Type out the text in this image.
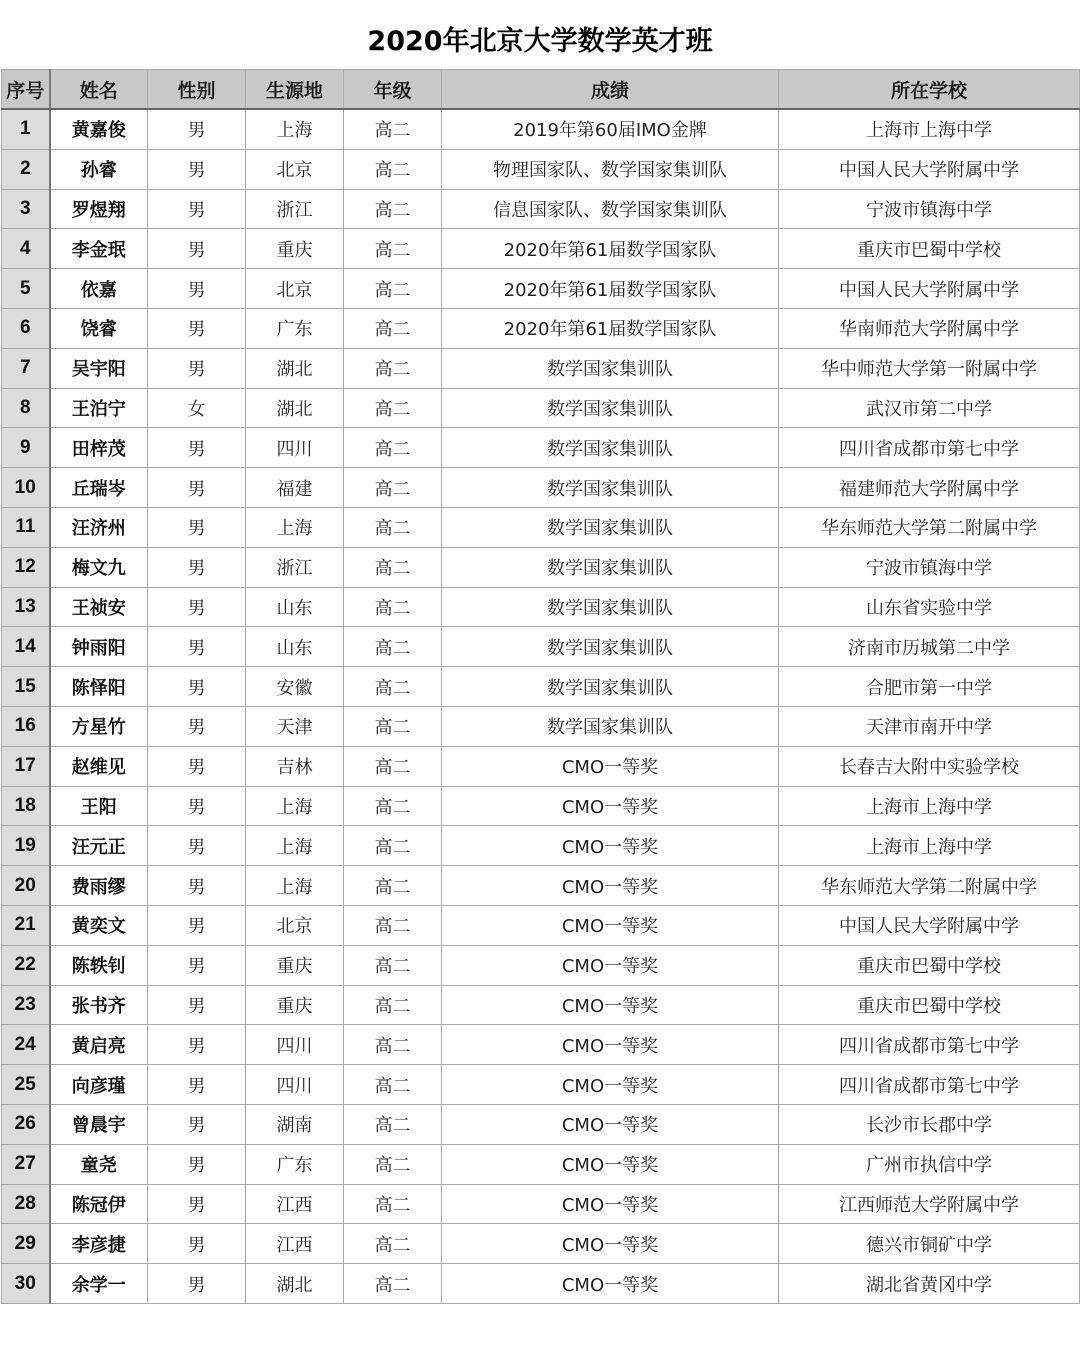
2020年北京大学数学英才班
序号	姓名	性别	生源地	年级	成绩	所在学校
1	黄嘉俊	男	上海	高二	2019年第60届IMO金牌	上海市上海中学
2	孙睿	男	北京	高二	物理国家队、数学国家集训队	中国人民大学附属中学
3	罗煜翔	男	浙江	高二	信息国家队、数学国家集训队	宁波市镇海中学
4	李金珉	男	重庆	高二	2020年第61届数学国家队	重庆市巴蜀中学校
5	依嘉	男	北京	高二	2020年第61届数学国家队	中国人民大学附属中学
6	饶睿	男	广东	高二	2020年第61届数学国家队	华南师范大学附属中学
7	吴宇阳	男	湖北	高二	数学国家集训队	华中师范大学第一附属中学
8	王泊宁	女	湖北	高二	数学国家集训队	武汉市第二中学
9	田梓茂	男	四川	高二	数学国家集训队	四川省成都市第七中学
10	丘瑞岑	男	福建	高二	数学国家集训队	福建师范大学附属中学
11	汪济州	男	上海	高二	数学国家集训队	华东师范大学第二附属中学
12	梅文九	男	浙江	高二	数学国家集训队	宁波市镇海中学
13	王祯安	男	山东	高二	数学国家集训队	山东省实验中学
14	钟雨阳	男	山东	高二	数学国家集训队	济南市历城第二中学
15	陈怿阳	男	安徽	高二	数学国家集训队	合肥市第一中学
16	方星竹	男	天津	高二	数学国家集训队	天津市南开中学
17	赵维见	男	吉林	高二	CMO一等奖	长春吉大附中实验学校
18	王阳	男	上海	高二	CMO一等奖	上海市上海中学
19	汪元正	男	上海	高二	CMO一等奖	上海市上海中学
20	费雨缪	男	上海	高二	CMO一等奖	华东师范大学第二附属中学
21	黄奕文	男	北京	高二	CMO一等奖	中国人民大学附属中学
22	陈轶钊	男	重庆	高二	CMO一等奖	重庆市巴蜀中学校
23	张书齐	男	重庆	高二	CMO一等奖	重庆市巴蜀中学校
24	黄启亮	男	四川	高二	CMO一等奖	四川省成都市第七中学
25	向彦瑾	男	四川	高二	CMO一等奖	四川省成都市第七中学
26	曾晨宇	男	湖南	高二	CMO一等奖	长沙市长郡中学
27	童尧	男	广东	高二	CMO一等奖	广州市执信中学
28	陈冠伊	男	江西	高二	CMO一等奖	江西师范大学附属中学
29	李彦捷	男	江西	高二	CMO一等奖	德兴市铜矿中学
30	余学一	男	湖北	高二	CMO一等奖	湖北省黄冈中学
